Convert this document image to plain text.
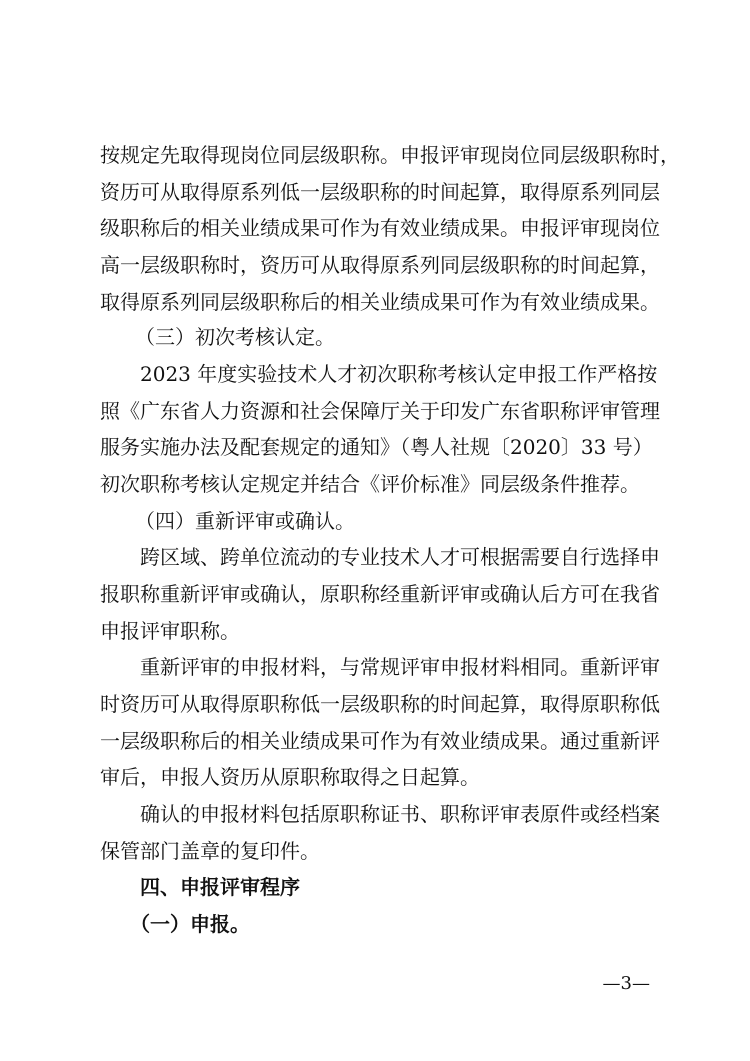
按规定先取得现岗位同层级职称。申报评审现岗位同层级职称时，
资历可从取得原系列低一层级职称的时间起算，取得原系列同层
级职称后的相关业绩成果可作为有效业绩成果。申报评审现岗位
高一层级职称时，资历可从取得原系列同层级职称的时间起算，
取得原系列同层级职称后的相关业绩成果可作为有效业绩成果。
（三）初次考核认定。
2023 年度实验技术人才初次职称考核认定申报工作严格按
照《广东省人力资源和社会保障厅关于印发广东省职称评审管理
服务实施办法及配套规定的通知》（粤人社规〔2020〕33 号）
初次职称考核认定规定并结合《评价标准》同层级条件推荐。
（四）重新评审或确认。
跨区域、跨单位流动的专业技术人才可根据需要自行选择申
报职称重新评审或确认，原职称经重新评审或确认后方可在我省
申报评审职称。
重新评审的申报材料，与常规评审申报材料相同。重新评审
时资历可从取得原职称低一层级职称的时间起算，取得原职称低
一层级职称后的相关业绩成果可作为有效业绩成果。通过重新评
审后，申报人资历从原职称取得之日起算。
确认的申报材料包括原职称证书、职称评审表原件或经档案
保管部门盖章的复印件。
四、申报评审程序
（一）申报。
—3—
